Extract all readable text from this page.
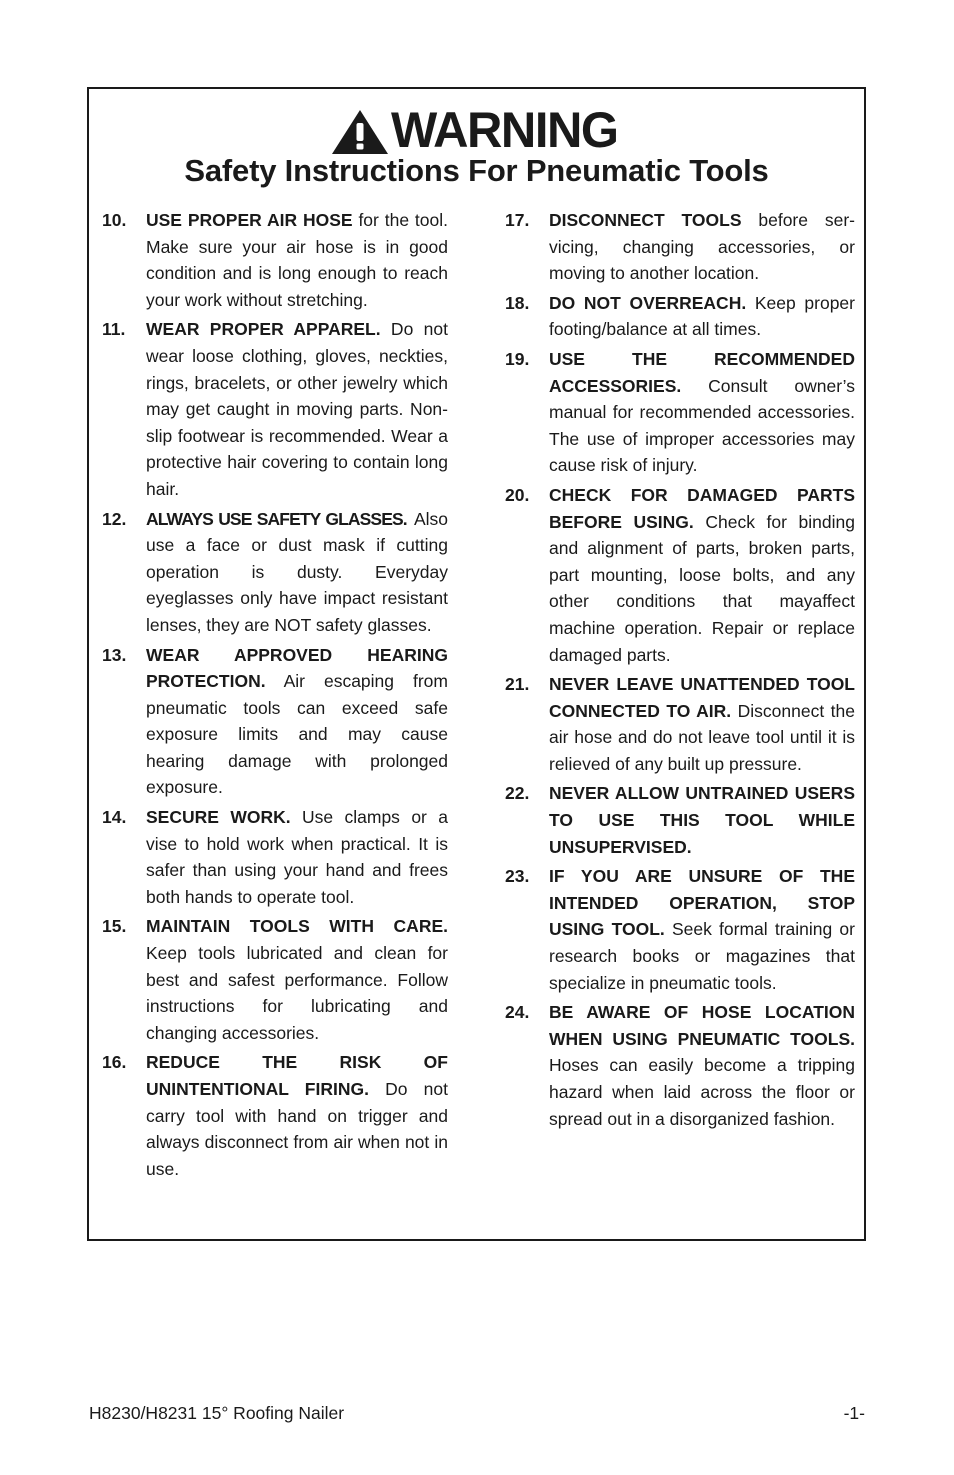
WARNING
Safety Instructions For Pneumatic Tools
10.	USE PROPER AIR HOSE for the tool. Make sure your air hose is in good condition and is long enough to reach your work without stretching.
11.	WEAR PROPER APPAREL. Do not wear loose clothing, gloves, neckties, rings, bracelets, or other jewelry which may get caught in moving parts. Non-slip footwear is recommended. Wear a protective hair covering to contain long hair.
12.	ALWAYS USE SAFETY GLASSES. Also use a face or dust mask if cutting operation is dusty. Everyday eyeglasses only have impact resistant lenses, they are NOT safety glasses.
13.	WEAR APPROVED HEARING PROTECTION. Air escaping from pneumatic tools can exceed safe exposure limits and may cause hearing damage with prolonged exposure.
14.	SECURE WORK. Use clamps or a vise to hold work when practical. It is safer than using your hand and frees both hands to operate tool.
15.	MAINTAIN TOOLS WITH CARE. Keep tools lubricated and clean for best and safest performance. Follow instructions for lubricating and changing accessories.
16.	REDUCE THE RISK OF UNINTENTIONAL FIRING. Do not carry tool with hand on trigger and always disconnect from air when not in use.
17.	DISCONNECT TOOLS before servicing, changing accessories, or moving to another location.
18.	DO NOT OVERREACH. Keep proper footing/balance at all times.
19.	USE THE RECOMMENDED ACCESSORIES. Consult owner’s manual for recommended accessories. The use of improper accessories may cause risk of injury.
20.	CHECK FOR DAMAGED PARTS BEFORE USING. Check for binding and alignment of parts, broken parts, part mounting, loose bolts, and any other conditions that mayaffect machine operation. Repair or replace damaged parts.
21.	NEVER LEAVE UNATTENDED TOOL CONNECTED TO AIR. Disconnect the air hose and do not leave tool until it is relieved of any built up pressure.
22.	NEVER ALLOW UNTRAINED USERS TO USE THIS TOOL WHILE UNSUPERVISED.
23.	IF YOU ARE UNSURE OF THE INTENDED OPERATION, STOP USING TOOL. Seek formal training or research books or magazines that specialize in pneumatic tools.
24.	BE AWARE OF HOSE LOCATION WHEN USING PNEUMATIC TOOLS. Hoses can easily become a tripping hazard when laid across the floor or spread out in a disorganized fashion.
H8230/H8231 15° Roofing Nailer	-1-
